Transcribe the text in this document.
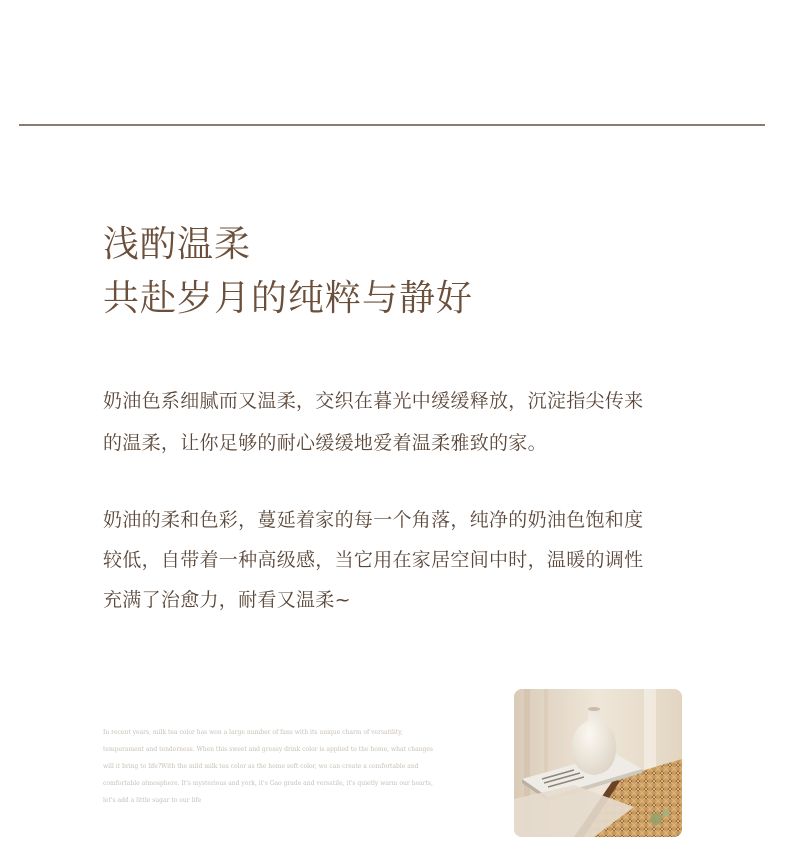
浅酌温柔
共赴岁月的纯粹与静好
奶油色系细腻而又温柔，交织在暮光中缓缓释放，沉淀指尖传来
的温柔，让你足够的耐心缓缓地爱着温柔雅致的家。
奶油的柔和色彩，蔓延着家的每一个角落，纯净的奶油色饱和度
较低，自带着一种高级感，当它用在家居空间中时，温暖的调性
充满了治愈力，耐看又温柔~
In recent years, milk tea color has won a large number of fans with its unique charm of versatility,
temperament and tenderness. When this sweet and greasy drink color is applied to the home, what changes
will it bring to life?With the mild milk tea color as the home soft color, we can create a comfortable and
comfortable atmosphere. It's mysterious and york, it's Gao grade and versatile, it's quietly warm our hearts,
let's add a little sugar to our life
